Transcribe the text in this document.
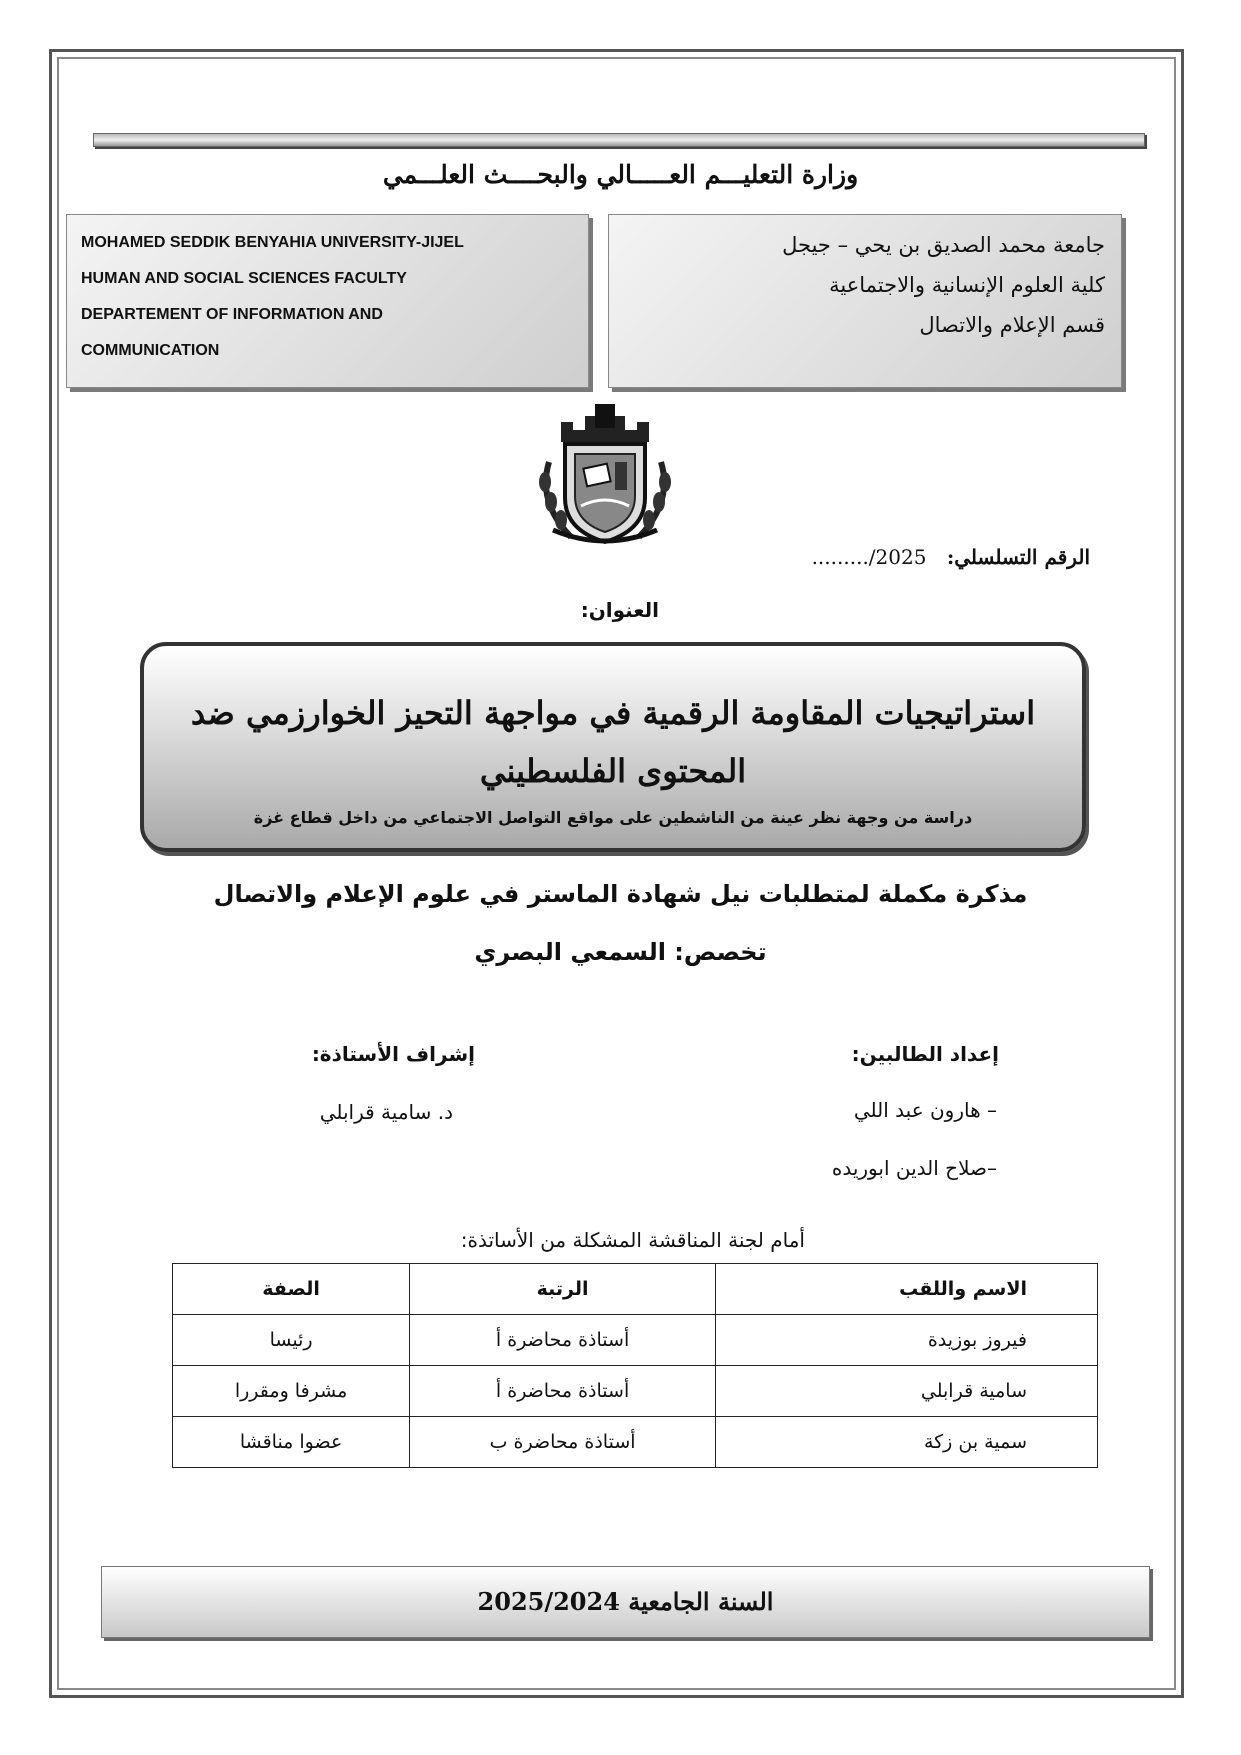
وزارة التعليـــم العـــــالي والبحــــث العلـــمي
MOHAMED SEDDIK BENYAHIA UNIVERSITY-JIJEL
HUMAN AND SOCIAL SCIENCES FACULTY
DEPARTEMENT OF INFORMATION AND
COMMUNICATION
جامعة محمد الصديق بن يحي – جيجل
كلية العلوم الإنسانية والاجتماعية
قسم الإعلام والاتصال
الرقم التسلسلي: 2025/.........
العنوان:
استراتيجيات المقاومة الرقمية في مواجهة التحيز الخوارزمي ضد
المحتوى الفلسطيني
دراسة من وجهة نظر عينة من الناشطين على مواقع التواصل الاجتماعي من داخل قطاع غزة
مذكرة مكملة لمتطلبات نيل شهادة الماستر في علوم الإعلام والاتصال
تخصص: السمعي البصري
إعداد الطالبين:
– هارون عبد اللي
–صلاح الدين ابوريده
إشراف الأستاذة:
د. سامية قرابلي
أمام لجنة المناقشة المشكلة من الأساتذة:
الاسم واللقب	الرتبة	الصفة
فيروز بوزيدة	أستاذة محاضرة أ	رئيسا
سامية قرابلي	أستاذة محاضرة أ	مشرفا ومقررا
سمية بن زكة	أستاذة محاضرة ب	عضوا مناقشا
السنة الجامعية 2025/2024
